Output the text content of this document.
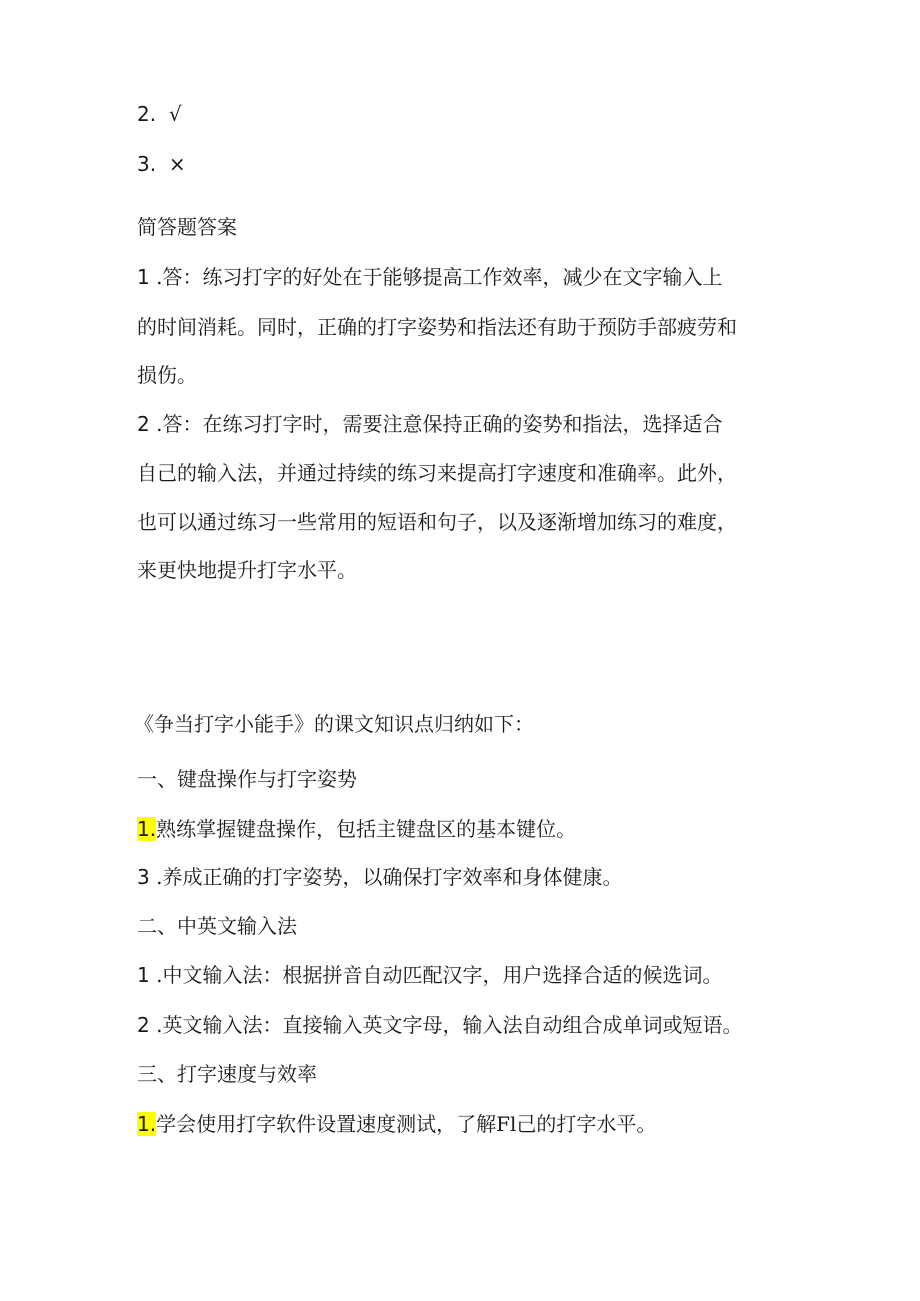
2. √
3. ×
简答题答案
1 .答：练习打字的好处在于能够提高工作效率，减少在文字输入上
的时间消耗。同时，正确的打字姿势和指法还有助于预防手部疲劳和
损伤。
2 .答：在练习打字时，需要注意保持正确的姿势和指法，选择适合
自己的输入法，并通过持续的练习来提高打字速度和准确率。此外，
也可以通过练习一些常用的短语和句子，以及逐渐增加练习的难度，
来更快地提升打字水平。
《争当打字小能手》的课文知识点归纳如下：
一、键盘操作与打字姿势
1.熟练掌握键盘操作，包括主键盘区的基本键位。
3 .养成正确的打字姿势，以确保打字效率和身体健康。
二、中英文输入法
1 .中文输入法：根据拼音自动匹配汉字，用户选择合适的候选词。
2 .英文输入法：直接输入英文字母，输入法自动组合成单词或短语。
三、打字速度与效率
1.学会使用打字软件设置速度测试，了解Fl己的打字水平。
